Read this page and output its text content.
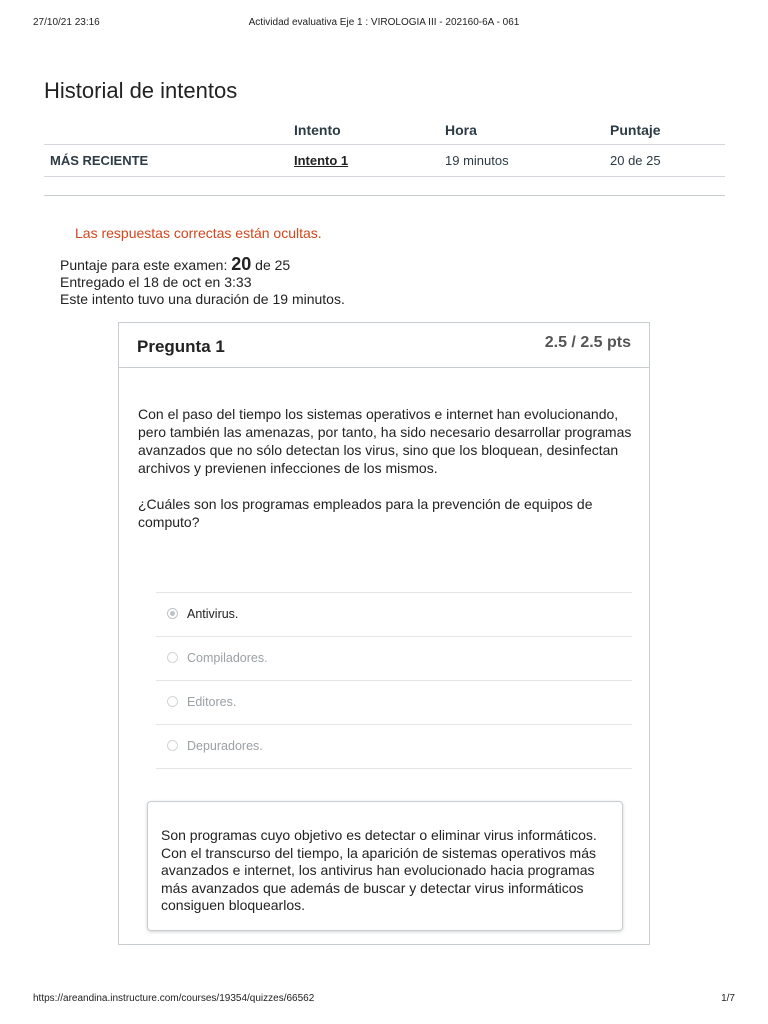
27/10/21 23:16	Actividad evaluativa Eje 1 : VIROLOGIA III - 202160-6A - 061
Historial de intentos
	Intento	Hora	Puntaje
MÁS RECIENTE	Intento 1	19 minutos	20 de 25

Las respuestas correctas están ocultas.
Puntaje para este examen: 20 de 25
Entregado el 18 de oct en 3:33
Este intento tuvo una duración de 19 minutos.
Pregunta 1	2.5 / 2.5 pts

Con el paso del tiempo los sistemas operativos e internet han evolucionando, pero también las amenazas, por tanto, ha sido necesario desarrollar programas avanzados que no sólo detectan los virus, sino que los bloquean, desinfectan archivos y previenen infecciones de los mismos.

¿Cuáles son los programas empleados para la prevención de equipos de computo?

Antivirus.
Compiladores.
Editores.
Depuradores.
Son programas cuyo objetivo es detectar o eliminar virus informáticos. Con el transcurso del tiempo, la aparición de sistemas operativos más avanzados e internet, los antivirus han evolucionado hacia programas más avanzados que además de buscar y detectar virus informáticos consiguen bloquearlos.
https://areandina.instructure.com/courses/19354/quizzes/66562	1/7
